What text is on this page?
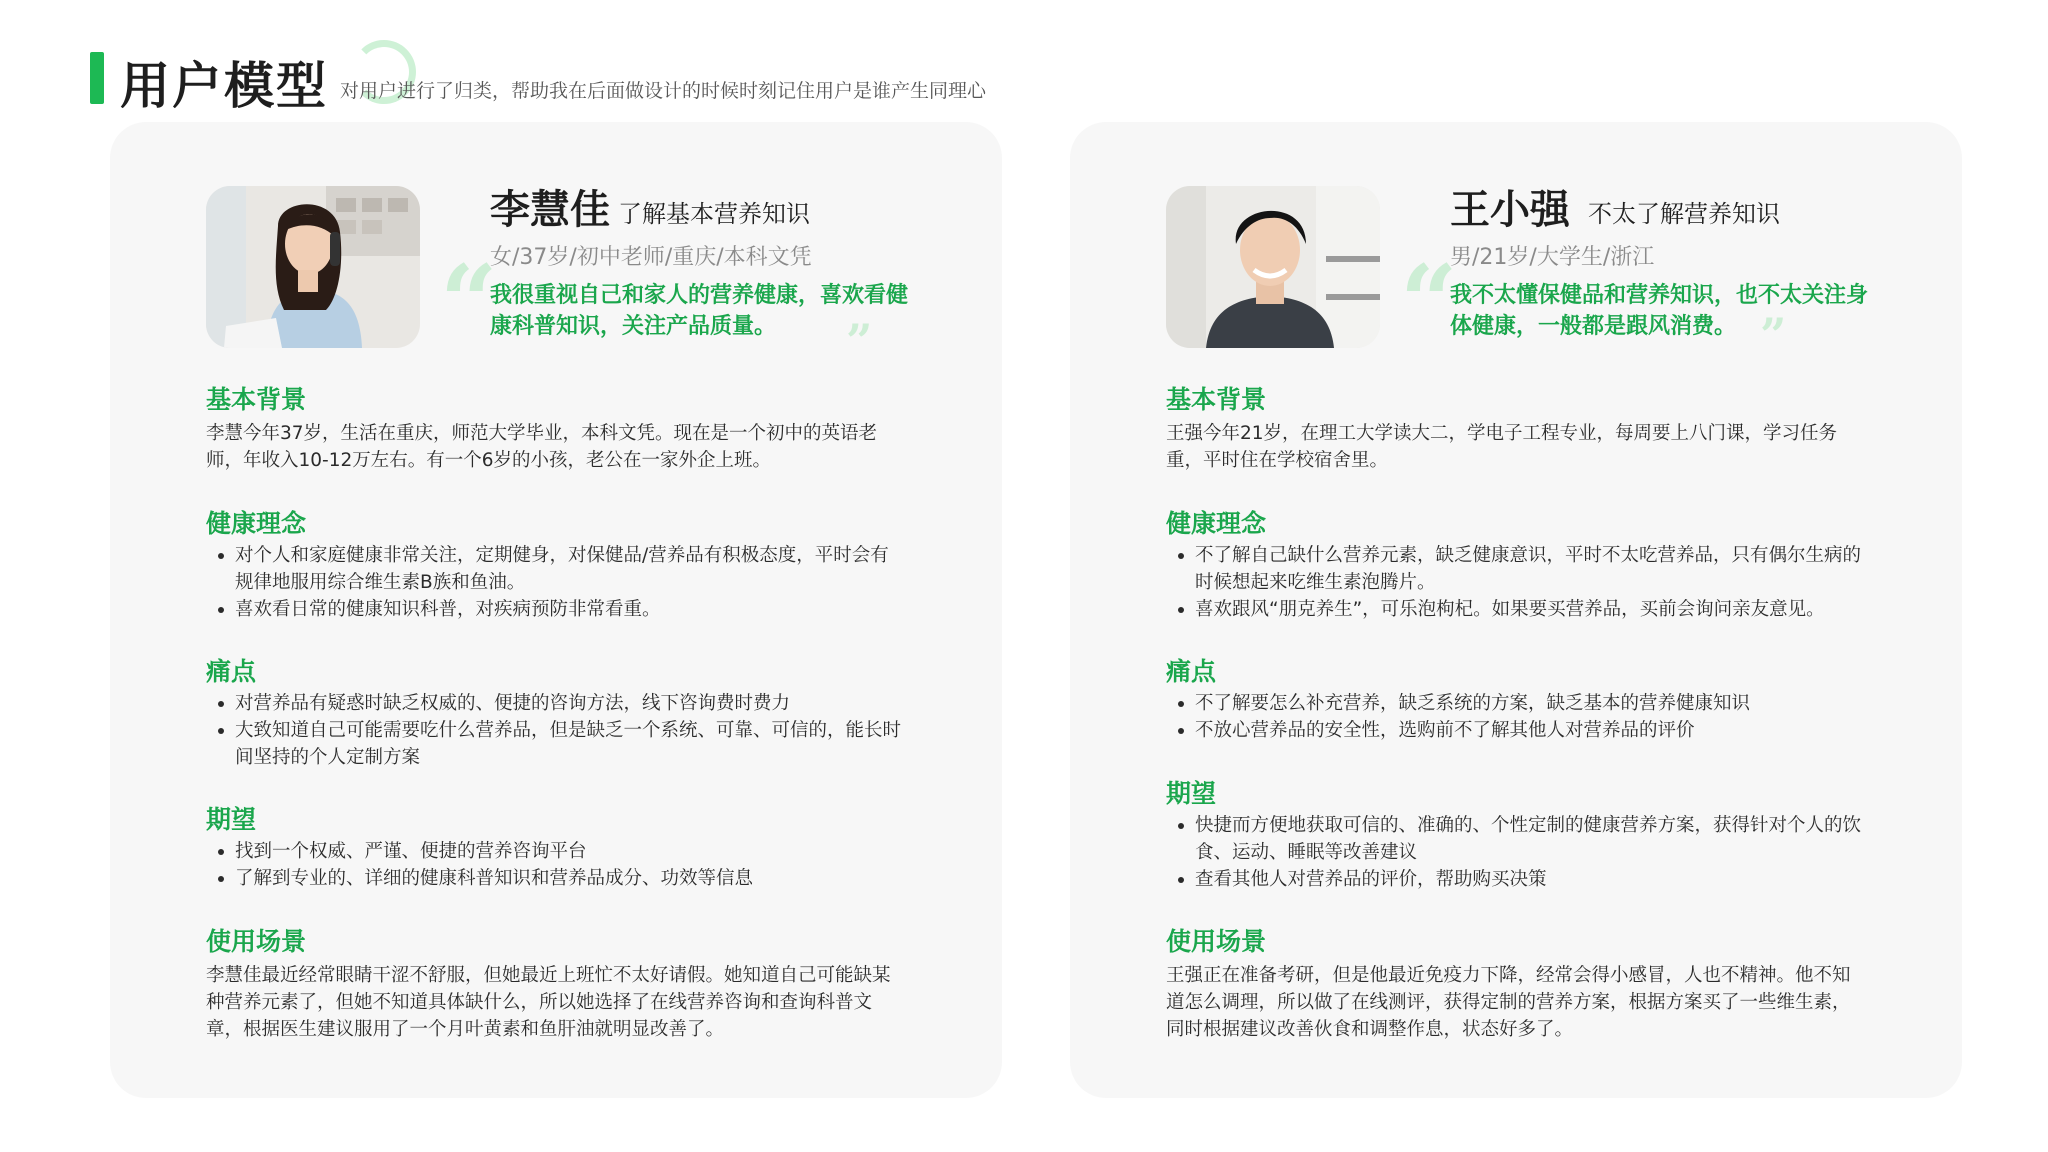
用户模型 对用户进行了归类，帮助我在后面做设计的时候时刻记住用户是谁产生同理心
李慧佳 了解基本营养知识
女/37岁/初中老师/重庆/本科文凭
“
我很重视自己和家人的营养健康，喜欢看健康科普知识，关注产品质量。	”
基本背景
李慧今年37岁，生活在重庆，师范大学毕业，本科文凭。现在是一个初中的英语老师，年收入10-12万左右。有一个6岁的小孩，老公在一家外企上班。
健康理念
对个人和家庭健康非常关注，定期健身，对保健品/营养品有积极态度，平时会有规律地服用综合维生素B族和鱼油。
喜欢看日常的健康知识科普，对疾病预防非常看重。
痛点
对营养品有疑惑时缺乏权威的、便捷的咨询方法，线下咨询费时费力
大致知道自己可能需要吃什么营养品，但是缺乏一个系统、可靠、可信的，能长时间坚持的个人定制方案
期望
找到一个权威、严谨、便捷的营养咨询平台
了解到专业的、详细的健康科普知识和营养品成分、功效等信息
使用场景
李慧佳最近经常眼睛干涩不舒服，但她最近上班忙不太好请假。她知道自己可能缺某种营养元素了，但她不知道具体缺什么，所以她选择了在线营养咨询和查询科普文章，根据医生建议服用了一个月叶黄素和鱼肝油就明显改善了。
王小强 不太了解营养知识
男/21岁/大学生/浙江
“
我不太懂保健品和营养知识，也不太关注身体健康，一般都是跟风消费。 ”
基本背景
王强今年21岁，在理工大学读大二，学电子工程专业，每周要上八门课，学习任务重，平时住在学校宿舍里。
健康理念
不了解自己缺什么营养元素，缺乏健康意识，平时不太吃营养品，只有偶尔生病的时候想起来吃维生素泡腾片。
喜欢跟风“朋克养生”，可乐泡枸杞。如果要买营养品，买前会询问亲友意见。
痛点
不了解要怎么补充营养，缺乏系统的方案，缺乏基本的营养健康知识
不放心营养品的安全性，选购前不了解其他人对营养品的评价
期望
快捷而方便地获取可信的、准确的、个性定制的健康营养方案，获得针对个人的饮食、运动、睡眠等改善建议
查看其他人对营养品的评价，帮助购买决策
使用场景
王强正在准备考研，但是他最近免疫力下降，经常会得小感冒，人也不精神。他不知道怎么调理，所以做了在线测评，获得定制的营养方案，根据方案买了一些维生素，同时根据建议改善伙食和调整作息，状态好多了。
